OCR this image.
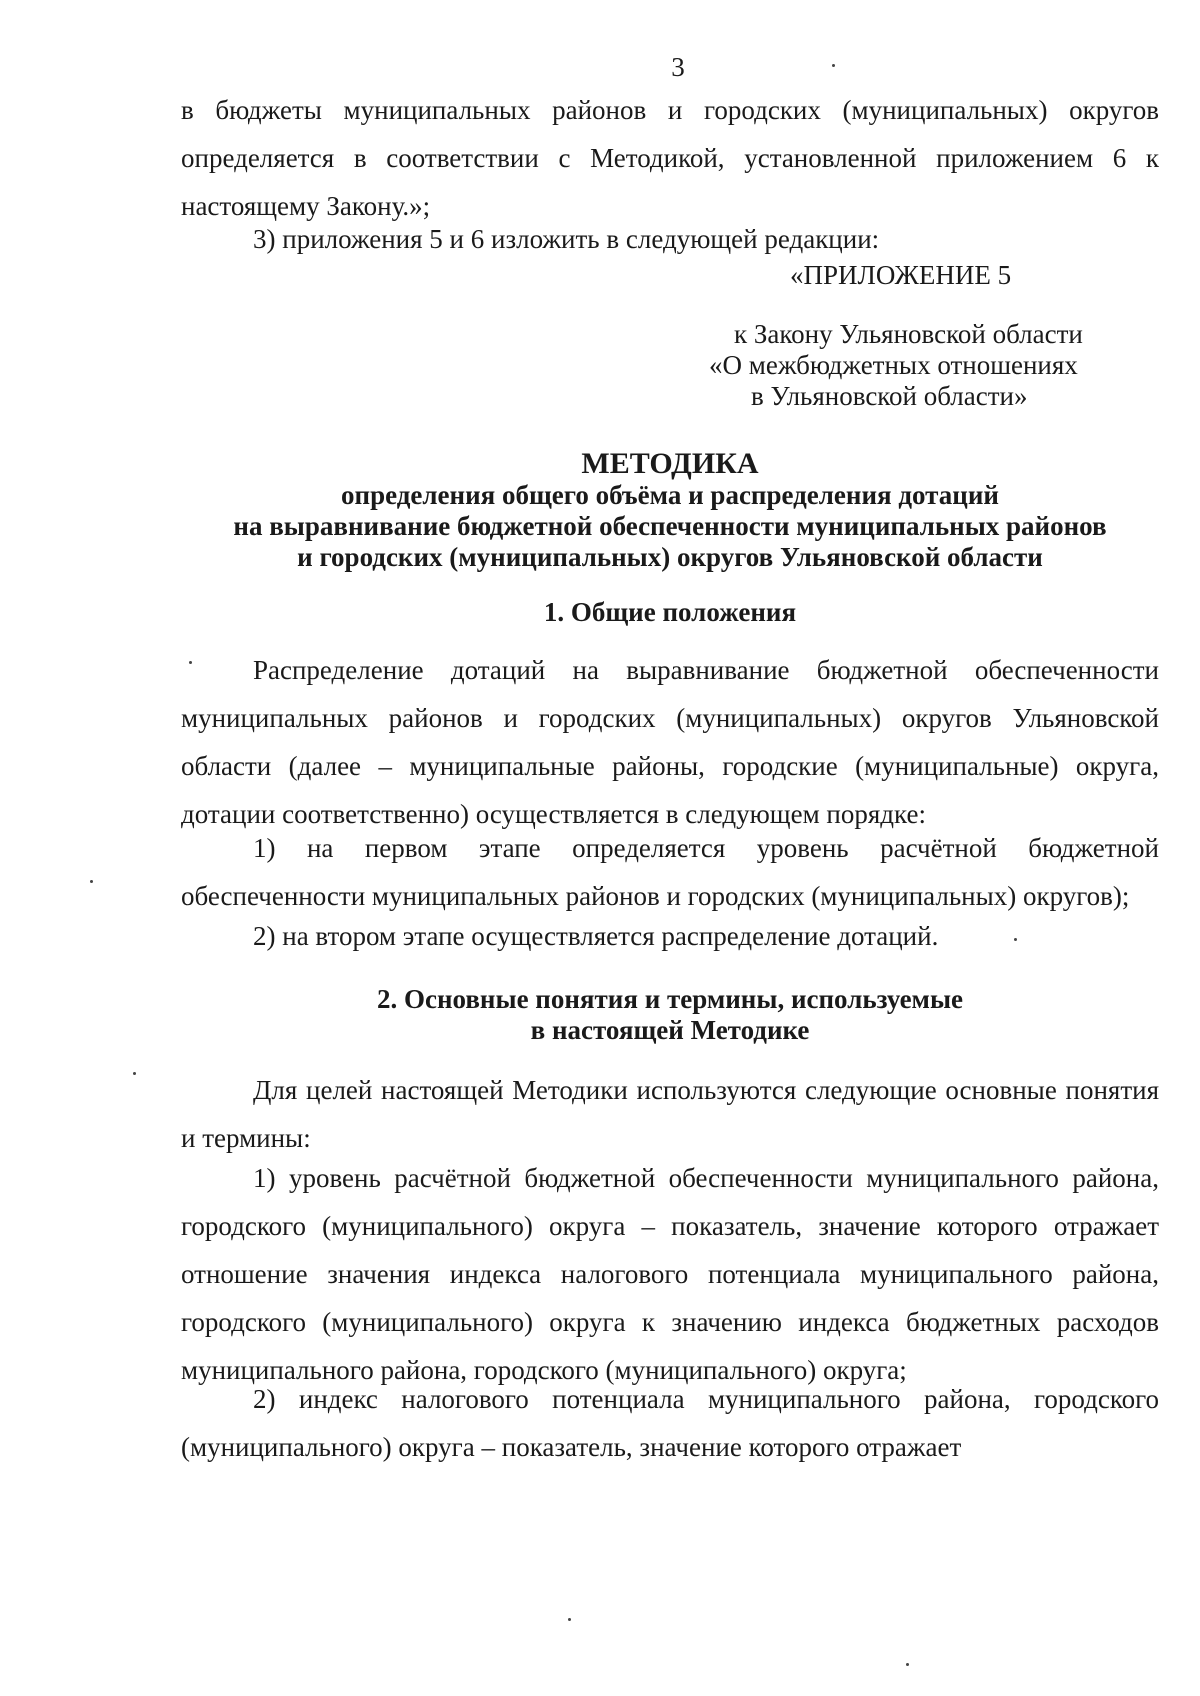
3
в бюджеты муниципальных районов и городских (муниципальных) округов определяется в соответствии с Методикой, установленной приложением 6 к настоящему Закону.»;
3) приложения 5 и 6 изложить в следующей редакции:
«ПРИЛОЖЕНИЕ 5
к Закону Ульяновской области
«О межбюджетных отношениях
в Ульяновской области»
МЕТОДИКА
определения общего объёма и распределения дотаций
на выравнивание бюджетной обеспеченности муниципальных районов
и городских (муниципальных) округов Ульяновской области
1. Общие положения
Распределение дотаций на выравнивание бюджетной обеспеченности муниципальных районов и городских (муниципальных) округов Ульяновской области (далее – муниципальные районы, городские (муниципальные) округа, дотации соответственно) осуществляется в следующем порядке:
1) на первом этапе определяется уровень расчётной бюджетной обеспеченности муниципальных районов и городских (муниципальных) округов);
2) на втором этапе осуществляется распределение дотаций.
2. Основные понятия и термины, используемые
в настоящей Методике
Для целей настоящей Методики используются следующие основные понятия и термины:
1) уровень расчётной бюджетной обеспеченности муниципального района, городского (муниципального) округа – показатель, значение которого отражает отношение значения индекса налогового потенциала муниципального района, городского (муниципального) округа к значению индекса бюджетных расходов муниципального района, городского (муниципального) округа;
2) индекс налогового потенциала муниципального района, городского (муниципального) округа – показатель, значение которого отражает
